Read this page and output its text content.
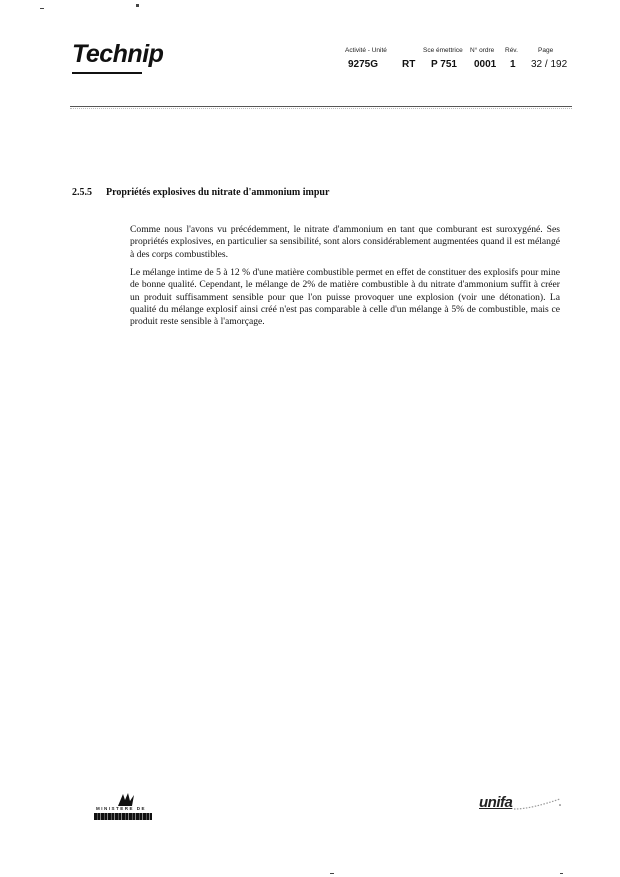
Technip	Activité - Unité
9275G RT
Sce émettrice
P 751
N° ordre
0001
Rév.
1
Page
32 / 192
2.5.5 Propriétés explosives du nitrate d'ammonium impur
Comme nous l'avons vu précédemment, le nitrate d'ammonium en tant que comburant est suroxygéné. Ses propriétés explosives, en particulier sa sensibilité, sont alors considérablement augmentées quand il est mélangé à des corps combustibles.
Le mélange intime de 5 à 12 % d'une matière combustible permet en effet de constituer des explosifs pour mine de bonne qualité. Cependant, le mélange de 2% de matière combustible à du nitrate d'ammonium suffit à créer un produit suffisamment sensible pour que l'on puisse provoquer une explosion (voir une détonation). La qualité du mélange explosif ainsi créé n'est pas comparable à celle d'un mélange à 5% de combustible, mais ce produit reste sensible à l'amorçage.
MINISTERE DE	unifa
